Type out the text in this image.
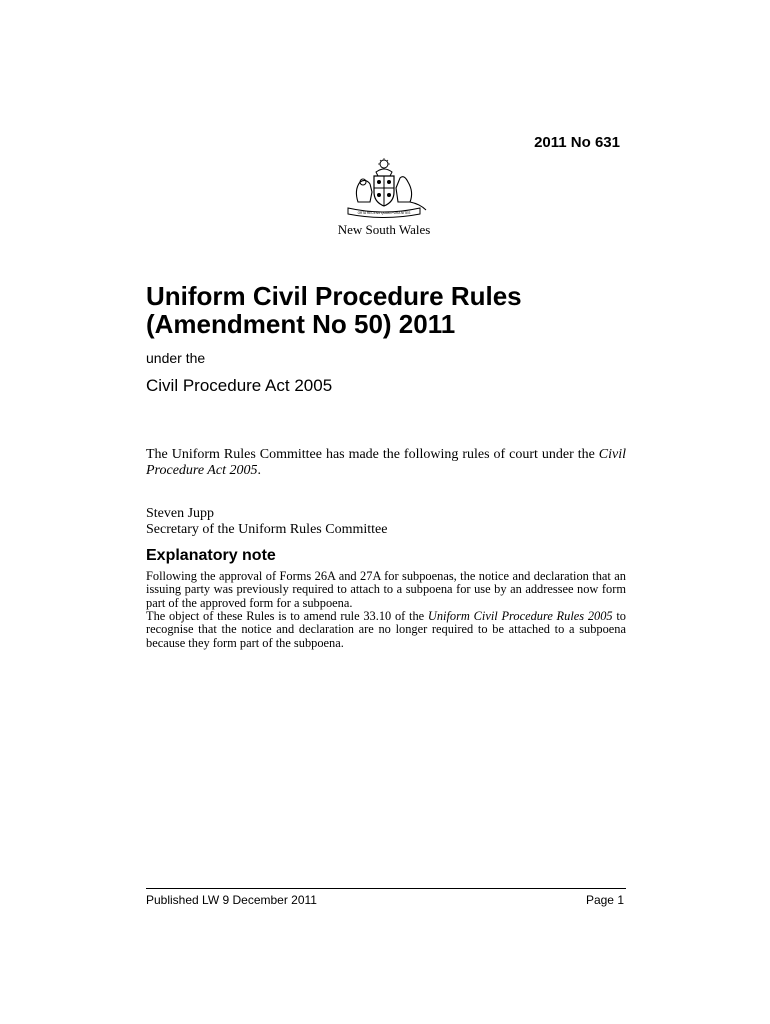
2011 No 631
ORTA RECENS QUAM PURA NITES
New South Wales
Uniform Civil Procedure Rules
(Amendment No 50) 2011
under the
Civil Procedure Act 2005
The Uniform Rules Committee has made the following rules of court under the Civil Procedure Act 2005.
Steven Jupp
Secretary of the Uniform Rules Committee
Explanatory note
Following the approval of Forms 26A and 27A for subpoenas, the notice and declaration that an issuing party was previously required to attach to a subpoena for use by an addressee now form part of the approved form for a subpoena.
The object of these Rules is to amend rule 33.10 of the Uniform Civil Procedure Rules 2005 to recognise that the notice and declaration are no longer required to be attached to a subpoena because they form part of the subpoena.
Published LW 9 December 2011	Page 1
